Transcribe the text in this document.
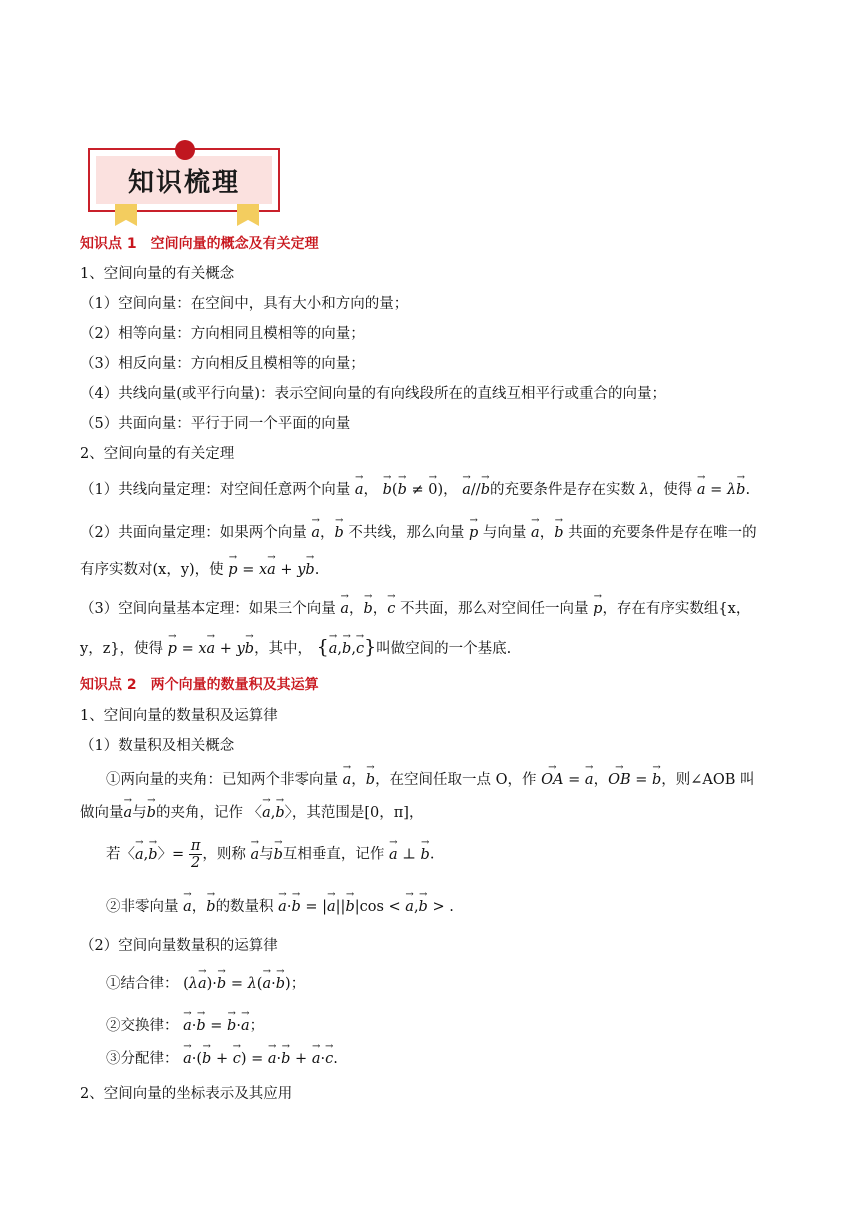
知识梳理
知识点 1 空间向量的概念及有关定理
1、空间向量的有关概念
（1）空间向量：在空间中，具有大小和方向的量；
（2）相等向量：方向相同且模相等的向量；
（3）相反向量：方向相反且模相等的向量；
（4）共线向量(或平行向量)：表示空间向量的有向线段所在的直线互相平行或重合的向量；
（5）共面向量：平行于同一个平面的向量
2、空间向量的有关定理
（1）共线向量定理：对空间任意两个向量 → a， → b(→ b ≠ → 0)， → a//→ b的充要条件是存在实数 λ，使得 → a = λ→ b.
（2）共面向量定理：如果两个向量 → a，→ b 不共线，那么向量 → p 与向量 → a，→ b 共面的充要条件是存在唯一的
有序实数对(x，y)，使 → p = x→ a + y→ b.
（3）空间向量基本定理：如果三个向量 → a，→ b，→ c 不共面，那么对空间任一向量 → p，存在有序实数组{x，
y，z}，使得 → p = x→ a + y→ b，其中， {→ a,→ b,→ c}叫做空间的一个基底.
知识点 2 两个向量的数量积及其运算
1、空间向量的数量积及运算律
（1）数量积及相关概念
①两向量的夹角：已知两个非零向量 → a，→ b，在空间任取一点 O，作 → OA = → a，→ OB = → b，则∠AOB 叫
做向量→ a与→ b的夹角，记作 〈→ a,→ b〉，其范围是[0，π]，
若〈→ a,→ b〉= $\frac{\pi}{2}$ ，则称 → a与→ b互相垂直，记作 → a ⊥ → b.
②非零向量 → a，→ b的数量积 → a·→ b = |→ a||→ b|cos < → a,→ b > .
（2）空间向量数量积的运算律
①结合律： (λ→ a)·→ b = λ(→ a·→ b)；
②交换律： → a·→ b = → b·→ a；
③分配律： → a·(→ b + → c) = → a·→ b + → a·→ c.
2、空间向量的坐标表示及其应用
